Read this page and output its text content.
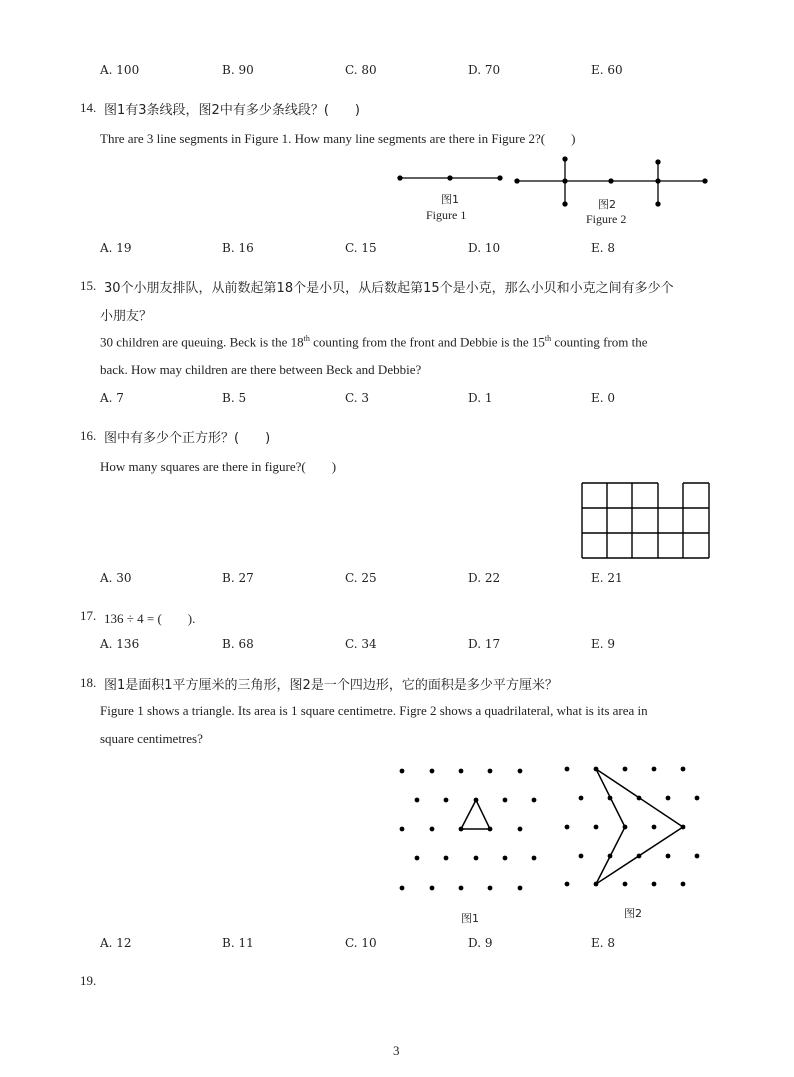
A. 100	B. 90	C. 80	D. 70	E. 60
14. 图1有3条线段，图2中有多少条线段？(　　)
Thre are 3 line segments in Figure 1. How many line segments are there in Figure 2?(　　)
图1
Figure 1
图2
Figure 2
A. 19	B. 16	C. 15	D. 10	E. 8
15. 30个小朋友排队，从前数起第18个是小贝，从后数起第15个是小克，那么小贝和小克之间有多少个
小朋友？
30 children are queuing. Beck is the 18th counting from the front and Debbie is the 15th counting from the
back. How may children are there between Beck and Debbie?
A. 7	B. 5	C. 3	D. 1	E. 0
16. 图中有多少个正方形？(　　)
How many squares are there in figure?(　　)
A. 30	B. 27	C. 25	D. 22	E. 21
17. 136 ÷ 4 = (　　).
A. 136	B. 68	C. 34	D. 17	E. 9
18. 图1是面积1平方厘米的三角形，图2是一个四边形，它的面积是多少平方厘米？
Figure 1 shows a triangle. Its area is 1 square centimetre. Figre 2 shows a quadrilateral, what is its area in
square centimetres?
图1	图2
A. 12	B. 11	C. 10	D. 9	E. 8
19.
3
